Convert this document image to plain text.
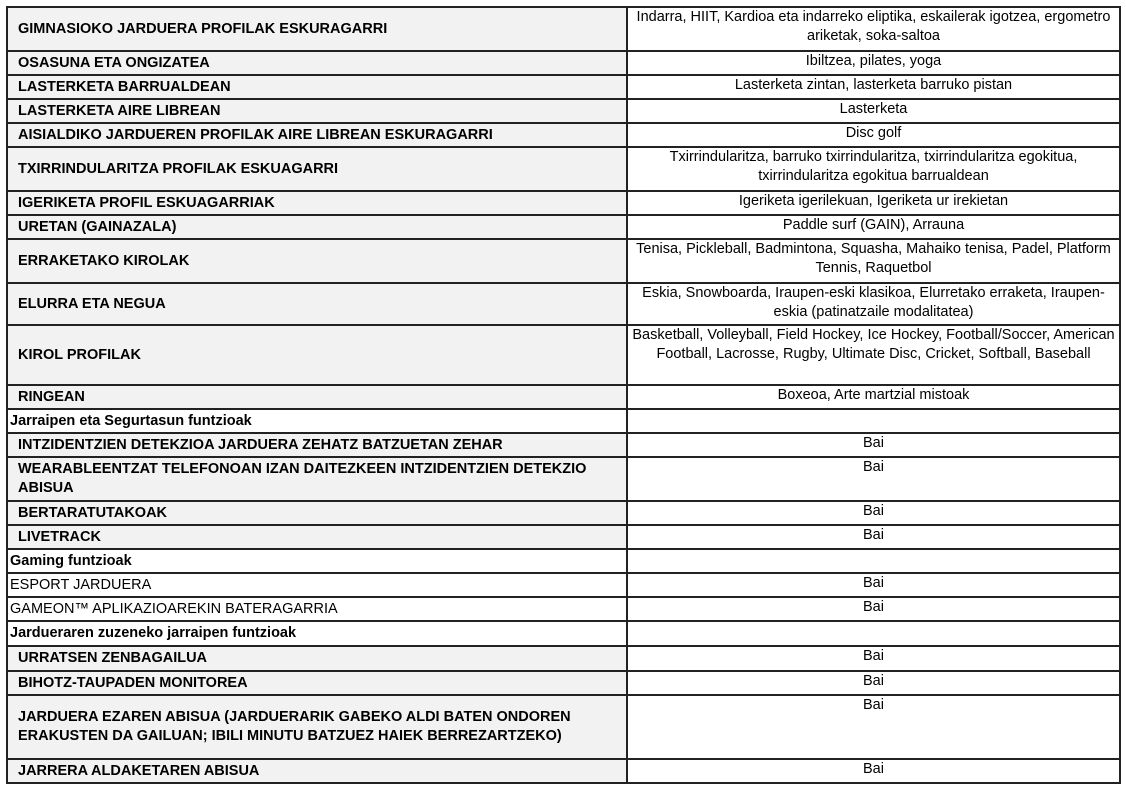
GIMNASIOKO JARDUERA PROFILAK ESKURAGARRI	Indarra, HIIT, Kardioa eta indarreko eliptika, eskailerak igotzea, ergometro ariketak, soka-saltoa
OSASUNA ETA ONGIZATEA	Ibiltzea, pilates, yoga
LASTERKETA BARRUALDEAN	Lasterketa zintan, lasterketa barruko pistan
LASTERKETA AIRE LIBREAN	Lasterketa
AISIALDIKO JARDUEREN PROFILAK AIRE LIBREAN ESKURAGARRI	Disc golf
TXIRRINDULARITZA PROFILAK ESKUAGARRI	Txirrindularitza, barruko txirrindularitza, txirrindularitza egokitua, txirrindularitza egokitua barrualdean
IGERIKETA PROFIL ESKUAGARRIAK	Igeriketa igerilekuan, Igeriketa ur irekietan
URETAN (GAINAZALA)	Paddle surf (GAIN), Arrauna
ERRAKETAKO KIROLAK	Tenisa, Pickleball, Badmintona, Squasha, Mahaiko tenisa, Padel, Platform Tennis, Raquetbol
ELURRA ETA NEGUA	Eskia, Snowboarda, Iraupen-eski klasikoa, Elurretako erraketa, Iraupen-eskia (patinatzaile modalitatea)
KIROL PROFILAK	Basketball, Volleyball, Field Hockey, Ice Hockey, Football/Soccer, American Football, Lacrosse, Rugby, Ultimate Disc, Cricket, Softball, Baseball
RINGEAN	Boxeoa, Arte martzial mistoak
Jarraipen eta Segurtasun funtzioak	
INTZIDENTZIEN DETEKZIOA JARDUERA ZEHATZ BATZUETAN ZEHAR	Bai
WEARABLEENTZAT TELEFONOAN IZAN DAITEZKEEN INTZIDENTZIEN DETEKZIO ABISUA	Bai
BERTARATUTAKOAK	Bai
LIVETRACK	Bai
Gaming funtzioak	
ESPORT JARDUERA	Bai
GAMEON™ APLIKAZIOAREKIN BATERAGARRIA	Bai
Jardueraren zuzeneko jarraipen funtzioak	
URRATSEN ZENBAGAILUA	Bai
BIHOTZ-TAUPADEN MONITOREA	Bai
JARDUERA EZAREN ABISUA (JARDUERARIK GABEKO ALDI BATEN ONDOREN ERAKUSTEN DA GAILUAN; IBILI MINUTU BATZUEZ HAIEK BERREZARTZEKO)	Bai
JARRERA ALDAKETAREN ABISUA	Bai
